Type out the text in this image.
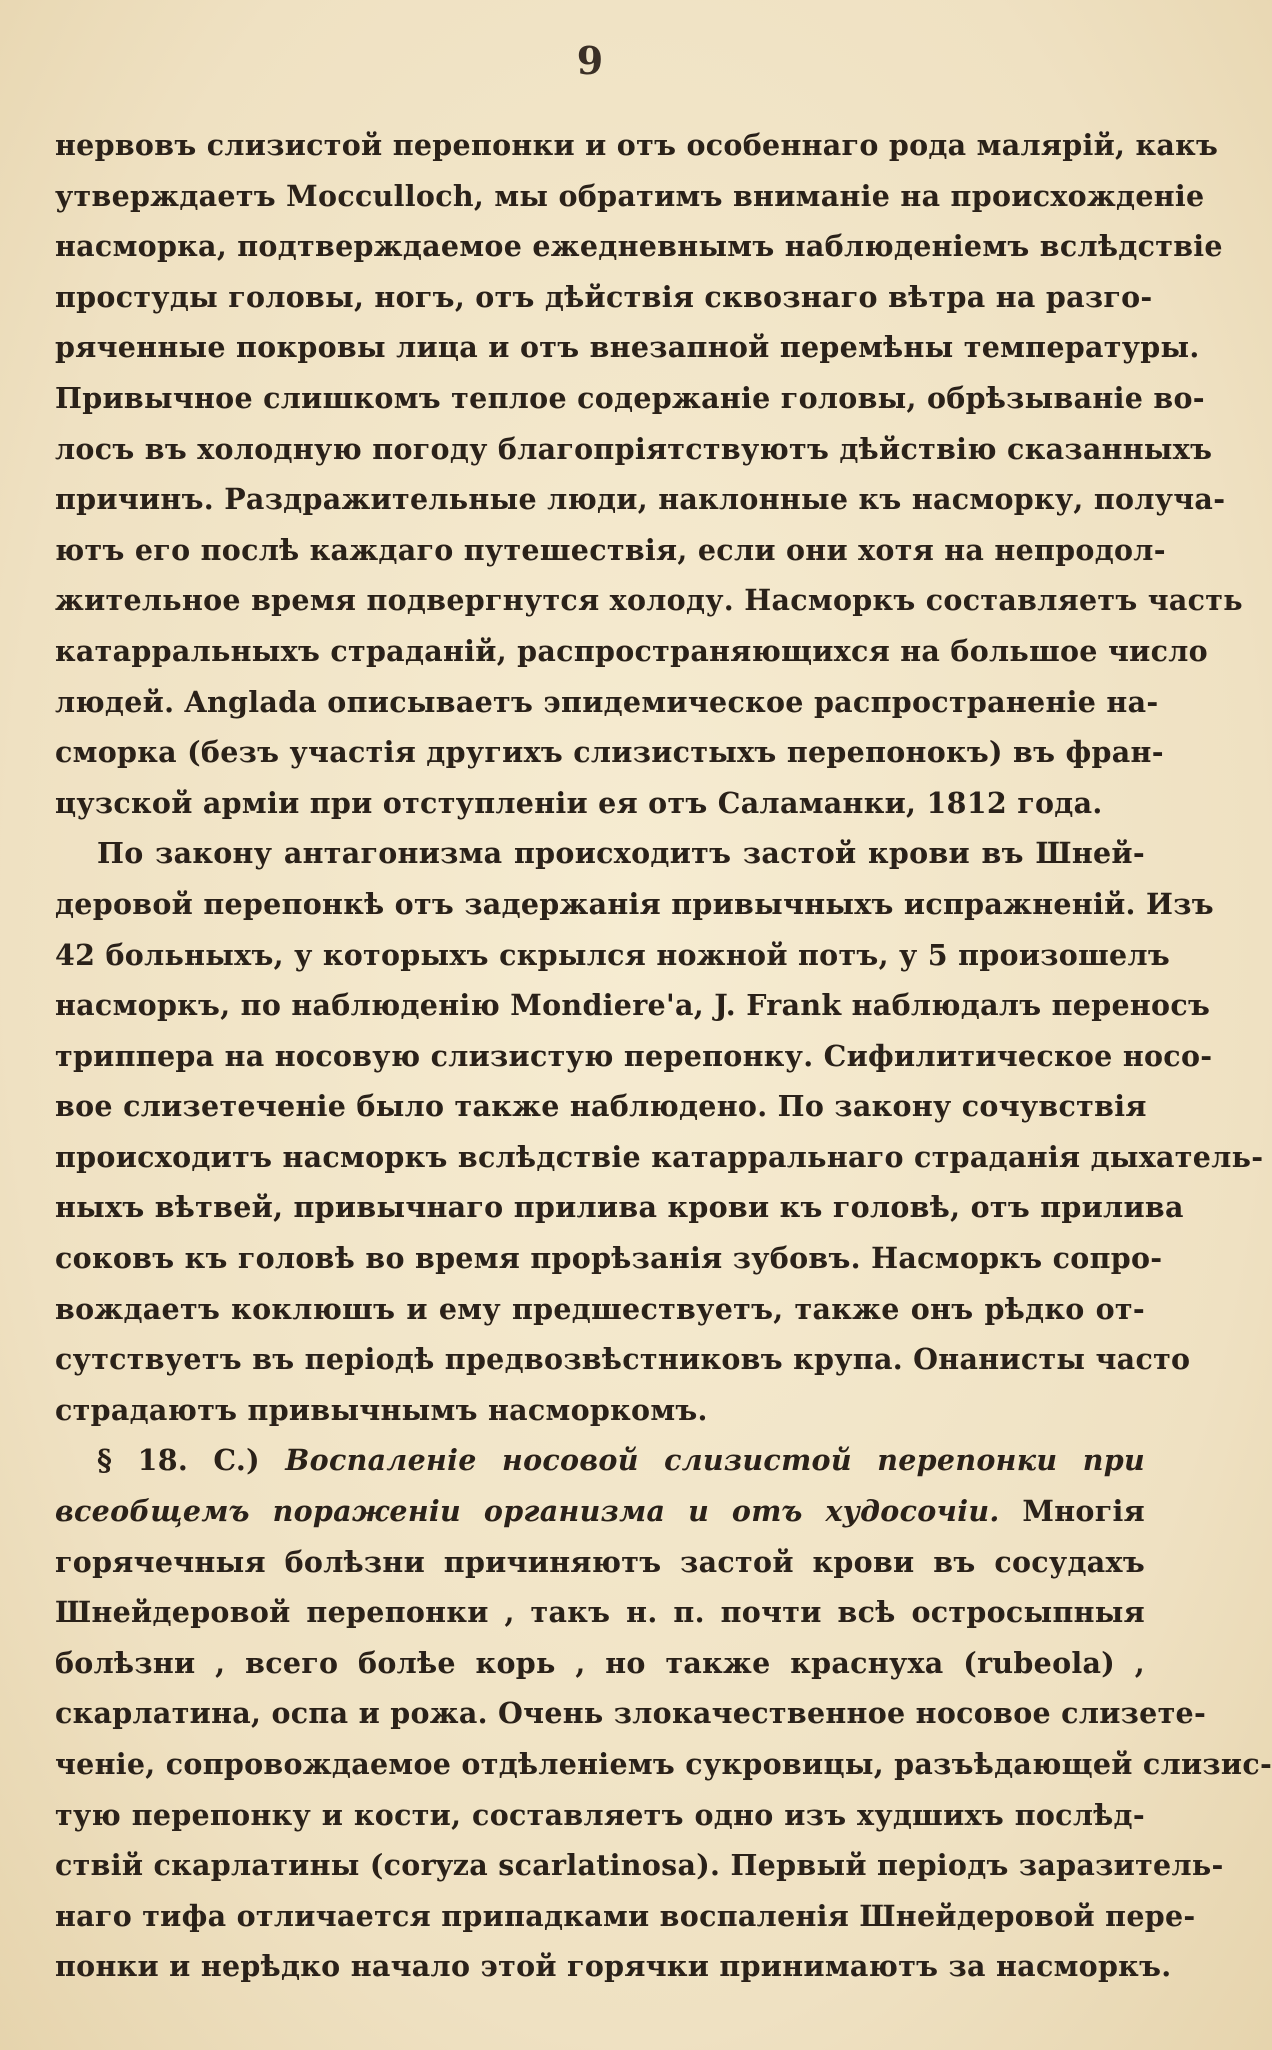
9
нервовъ слизистой перепонки и отъ особеннаго рода малярій, какъ
утверждаетъ Mocculloch, мы обратимъ вниманіе на происхожденіе
насморка, подтверждаемое ежедневнымъ наблюденіемъ вслѣдствіе
простуды головы, ногъ, отъ дѣйствія сквознаго вѣтра на разго-
ряченные покровы лица и отъ внезапной перемѣны температуры.
Привычное слишкомъ теплое содержаніе головы, обрѣзываніе во-
лосъ въ холодную погоду благопріятствуютъ дѣйствію сказанныхъ
причинъ. Раздражительные люди, наклонные къ насморку, получа-
ютъ его послѣ каждаго путешествія, если они хотя на непродол-
жительное время подвергнутся холоду. Насморкъ составляетъ часть
катарральныхъ страданій, распространяющихся на большое число
людей. Anglada описываетъ эпидемическое распространеніе на-
сморка (безъ участія другихъ слизистыхъ перепонокъ) въ фран-
цузской арміи при отступленіи ея отъ Саламанки, 1812 года.
По закону антагонизма происходитъ застой крови въ Шней-
деровой перепонкѣ отъ задержанія привычныхъ испражненій. Изъ
42 больныхъ, у которыхъ скрылся ножной потъ, у 5 произошелъ
насморкъ, по наблюденію Mondiere'a, J. Frank наблюдалъ переносъ
триппера на носовую слизистую перепонку. Сифилитическое носо-
вое слизетеченіе было также наблюдено. По закону сочувствія
происходитъ насморкъ вслѣдствіе катарральнаго страданія дыхатель-
ныхъ вѣтвей, привычнаго прилива крови къ головѣ, отъ прилива
соковъ къ головѣ во время прорѣзанія зубовъ. Насморкъ сопро-
вождаетъ коклюшъ и ему предшествуетъ, также онъ рѣдко от-
сутствуетъ въ періодѣ предвозвѣстниковъ крупа. Онанисты часто
страдаютъ привычнымъ насморкомъ.
§ 18. C.) Воспаленіе носовой слизистой перепонки при
всеобщемъ пораженіи организма и отъ худосочіи. Многія
горячечныя болѣзни причиняютъ застой крови въ сосудахъ
Шнейдеровой перепонки , такъ н. п. почти всѣ остросыпныя
болѣзни , всего болѣе корь , но также краснуха (rubeola) ,
скарлатина, оспа и рожа. Очень злокачественное носовое слизете-
ченіе, сопровождаемое отдѣленіемъ сукровицы, разъѣдающей слизис-
тую перепонку и кости, составляетъ одно изъ худшихъ послѣд-
ствій скарлатины (coryza scarlatinosa). Первый періодъ заразитель-
наго тифа отличается припадками воспаленія Шнейдеровой пере-
понки и нерѣдко начало этой горячки принимаютъ за насморкъ.
